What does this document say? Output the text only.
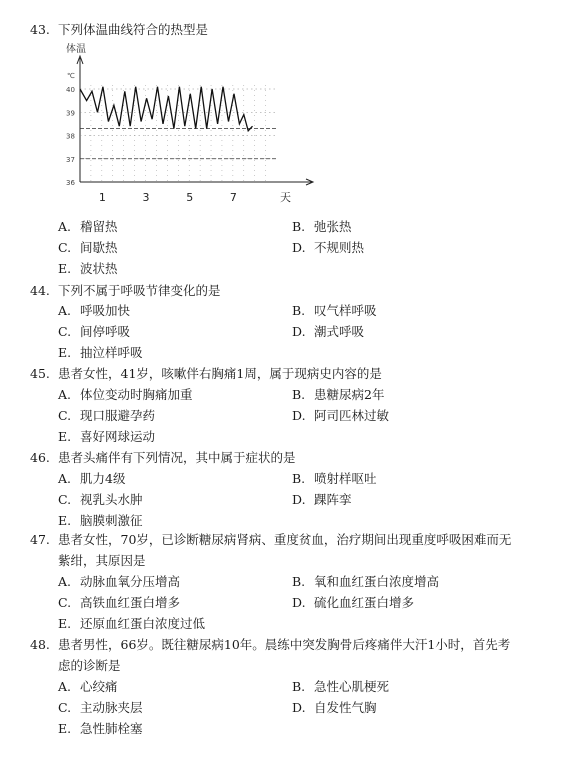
43. 下列体温曲线符合的热型是
体温
℃
天
40
39
38
37
36
1	3	5	7
A. 稽留热	B. 弛张热
C. 间歇热	D. 不规则热
E. 波状热
44. 下列不属于呼吸节律变化的是
A. 呼吸加快	B. 叹气样呼吸
C. 间停呼吸	D. 潮式呼吸
E. 抽泣样呼吸
45. 患者女性，41岁，咳嗽伴右胸痛1周，属于现病史内容的是
A. 体位变动时胸痛加重	B. 患糖尿病2年
C. 现口服避孕药	D. 阿司匹林过敏
E. 喜好网球运动
46. 患者头痛伴有下列情况，其中属于症状的是
A. 肌力4级	B. 喷射样呕吐
C. 视乳头水肿	D. 踝阵挛
E. 脑膜刺激征
47. 患者女性，70岁，已诊断糖尿病肾病、重度贫血，治疗期间出现重度呼吸困难而无
紫绀，其原因是
A. 动脉血氧分压增高	B. 氧和血红蛋白浓度增高
C. 高铁血红蛋白增多	D. 硫化血红蛋白增多
E. 还原血红蛋白浓度过低
48. 患者男性，66岁。既往糖尿病10年。晨练中突发胸骨后疼痛伴大汗1小时，首先考
虑的诊断是
A. 心绞痛	B. 急性心肌梗死
C. 主动脉夹层	D. 自发性气胸
E. 急性肺栓塞
